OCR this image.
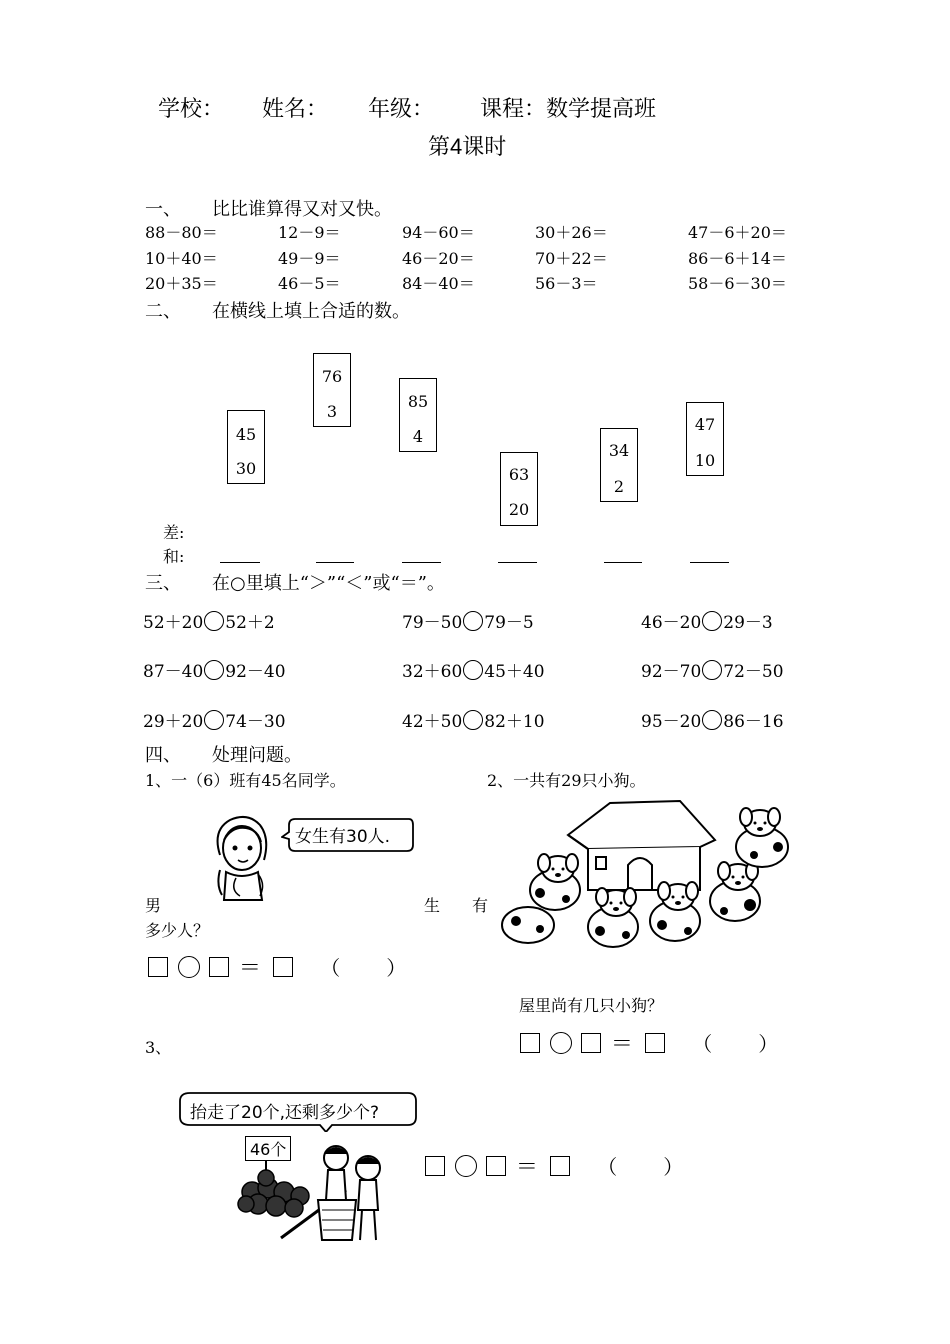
学校： 姓名： 年级： 课程：数学提高班
第4课时
一、 比比谁算得又对又快。
88－80＝	12－9＝	94－60＝	30＋26＝	47－6＋20＝
10＋40＝	49－9＝	46－20＝	70＋22＝	86－6＋14＝
20＋35＝	46－5＝	84－40＝	56－3＝	58－6－30＝
二、 在横线上填上合适的数。
45
30
76
3
85
4
63
20
34
2
47
10
差:
和:
三、 在○里填上“＞”“＜”或“＝”。
52＋20 52＋2	79－50 79－5	46－20 29－3
87－40 92－40	32＋60 45＋40	92－70 72－50
29＋20 74－30	42＋50 82＋10	95－20 86－16
四、 处理问题。
1、一（6）班有45名同学。	2、一共有29只小狗。
女生有30人.
男	生 有
多少人？
＝	（　　）
屋里尚有几只小狗？
＝	（　　）
3、
抬走了20个,还剩多少个?
46个
＝	（　　）
